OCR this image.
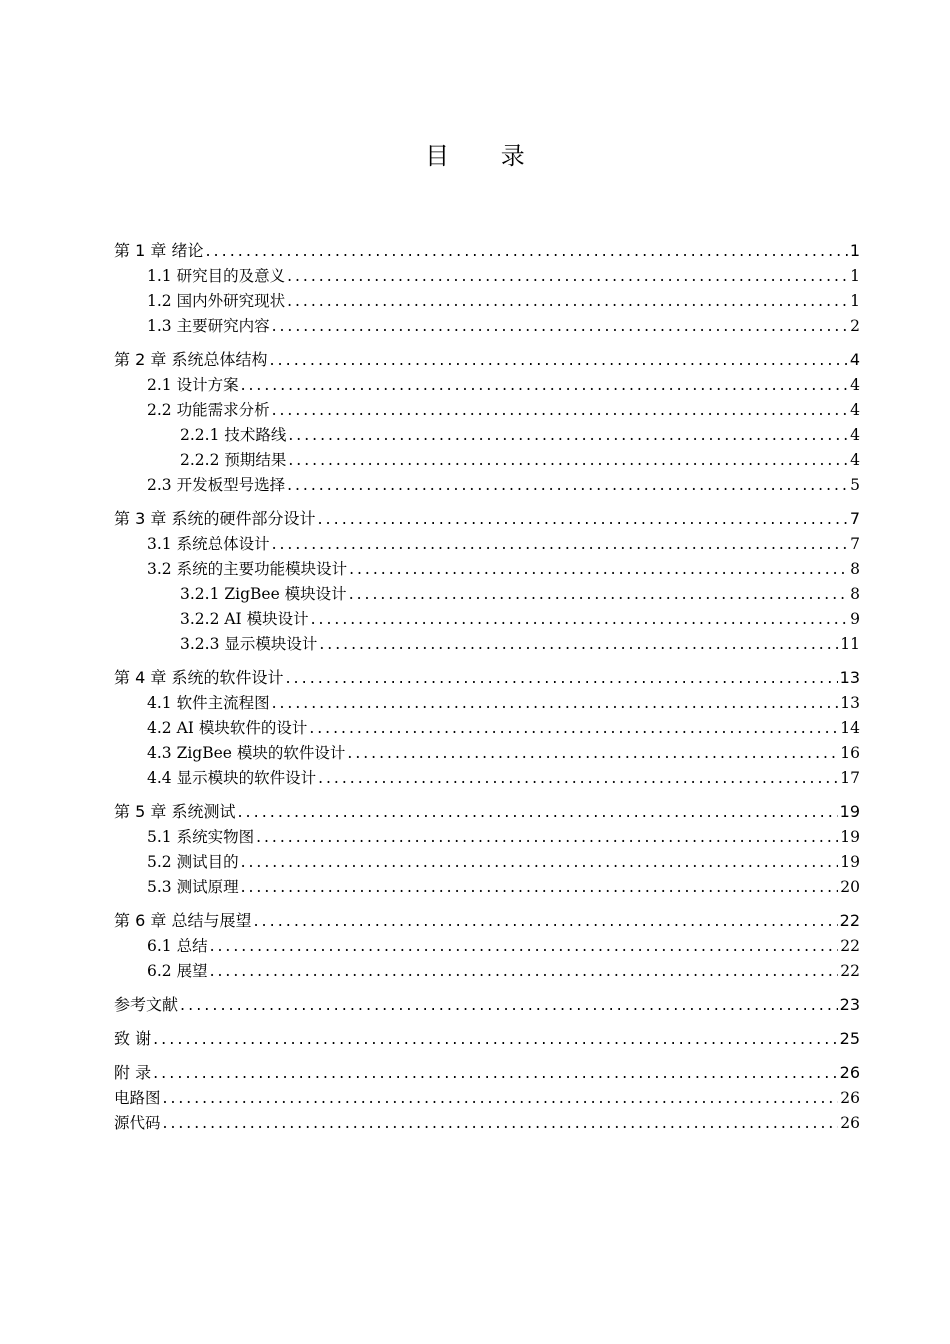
目 录
第 1 章 绪论 .....	1
1.1 研究目的及意义 .....	1
1.2 国内外研究现状 .....	1
1.3 主要研究内容 .....	2
第 2 章 系统总体结构 .....	4
2.1 设计方案 .....	4
2.2 功能需求分析 .....	4
2.2.1 技术路线 .....	4
2.2.2 预期结果 .....	4
2.3 开发板型号选择 .....	5
第 3 章 系统的硬件部分设计 .....	7
3.1 系统总体设计 .....	7
3.2 系统的主要功能模块设计 .....	8
3.2.1 ZigBee 模块设计 .....	8
3.2.2 AI 模块设计 .....	9
3.2.3 显示模块设计 .....	11
第 4 章 系统的软件设计 .....	13
4.1 软件主流程图 .....	13
4.2 AI 模块软件的设计 .....	14
4.3 ZigBee 模块的软件设计 .....	16
4.4 显示模块的软件设计 .....	17
第 5 章 系统测试 .....	19
5.1 系统实物图 .....	19
5.2 测试目的 .....	19
5.3 测试原理 .....	20
第 6 章 总结与展望 .....	22
6.1 总结 .....	22
6.2 展望 .....	22
参考文献 .....	23
致 谢 .....	25
附 录 .....	26
电路图 .....	26
源代码 .....	26
